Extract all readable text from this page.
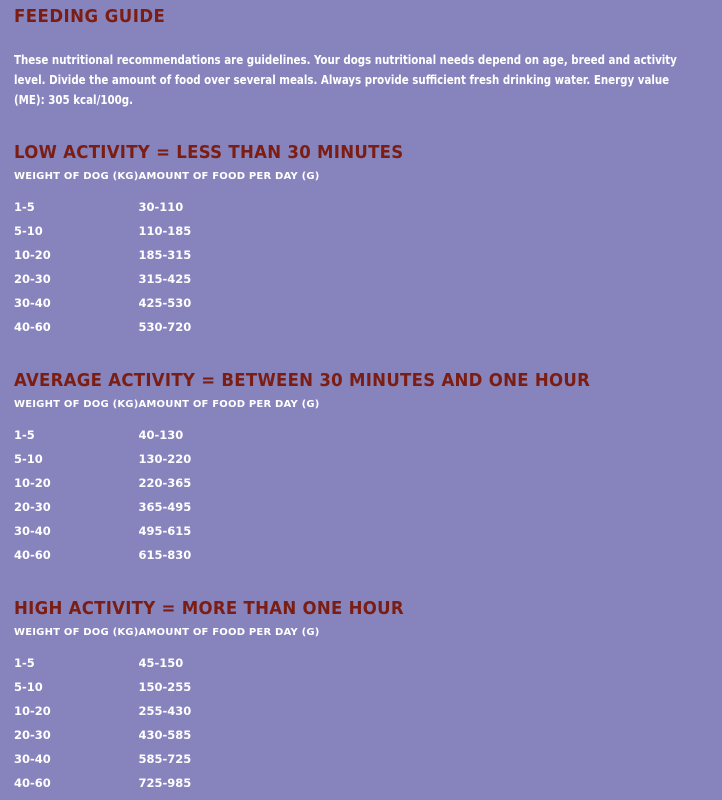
FEEDING GUIDE

These nutritional recommendations are guidelines. Your dogs nutritional needs depend on age, breed and activity level. Divide the amount of food over several meals. Always provide sufficient fresh drinking water. Energy value (ME): 305 kcal/100g.

LOW ACTIVITY = LESS THAN 30 MINUTES
WEIGHT OF DOG (KG)	AMOUNT OF FOOD PER DAY (G)
1-5	30-110
5-10	110-185
10-20	185-315
20-30	315-425
30-40	425-530
40-60	530-720
AVERAGE ACTIVITY = BETWEEN 30 MINUTES AND ONE HOUR
WEIGHT OF DOG (KG)	AMOUNT OF FOOD PER DAY (G)
1-5	40-130
5-10	130-220
10-20	220-365
20-30	365-495
30-40	495-615
40-60	615-830
HIGH ACTIVITY = MORE THAN ONE HOUR
WEIGHT OF DOG (KG)	AMOUNT OF FOOD PER DAY (G)
1-5	45-150
5-10	150-255
10-20	255-430
20-30	430-585
30-40	585-725
40-60	725-985
